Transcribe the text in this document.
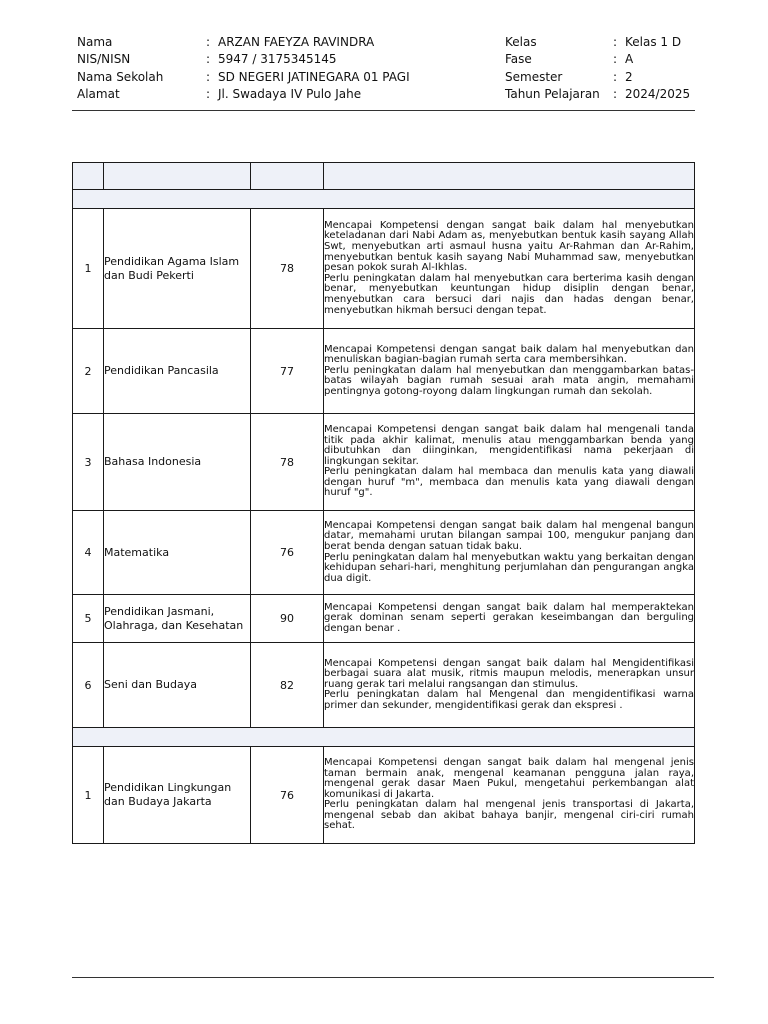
Nama	: ARZAN FAEYZA RAVINDRA
NIS/NISN	: 5947 / 3175345145
Nama Sekolah	: SD NEGERI JATINEGARA 01 PAGI
Alamat	: Jl. Swadaya IV Pulo Jahe
Kelas	: Kelas 1 D
Fase	: A
Semester	: 2
Tahun Pelajaran	: 2024/2025

1	Pendidikan Agama Islam dan Budi Pekerti	78	Mencapai Kompetensi dengan sangat baik dalam hal menyebutkan keteladanan dari Nabi Adam as, menyebutkan bentuk kasih sayang Allah Swt, menyebutkan arti asmaul husna yaitu Ar-Rahman dan Ar-Rahim, menyebutkan bentuk kasih sayang Nabi Muhammad saw, menyebutkan pesan pokok surah Al-Ikhlas.
Perlu peningkatan dalam hal menyebutkan cara berterima kasih dengan benar, menyebutkan keuntungan hidup disiplin dengan benar, menyebutkan cara bersuci dari najis dan hadas dengan benar, menyebutkan hikmah bersuci dengan tepat.

2	Pendidikan Pancasila	77	Mencapai Kompetensi dengan sangat baik dalam hal menyebutkan dan menuliskan bagian-bagian rumah serta cara membersihkan.
Perlu peningkatan dalam hal menyebutkan dan menggambarkan batas-batas wilayah bagian rumah sesuai arah mata angin, memahami pentingnya gotong-royong dalam lingkungan rumah dan sekolah.

3	Bahasa Indonesia	78	Mencapai Kompetensi dengan sangat baik dalam hal mengenali tanda titik pada akhir kalimat, menulis atau menggambarkan benda yang dibutuhkan dan diinginkan, mengidentifikasi nama pekerjaan di lingkungan sekitar.
Perlu peningkatan dalam hal membaca dan menulis kata yang diawali dengan huruf "m", membaca dan menulis kata yang diawali dengan huruf "g".

4	Matematika	76	Mencapai Kompetensi dengan sangat baik dalam hal mengenal bangun datar, memahami urutan bilangan sampai 100, mengukur panjang dan berat benda dengan satuan tidak baku.
Perlu peningkatan dalam hal menyebutkan waktu yang berkaitan dengan kehidupan sehari-hari, menghitung perjumlahan dan pengurangan angka dua digit.

5	Pendidikan Jasmani, Olahraga, dan Kesehatan	90	Mencapai Kompetensi dengan sangat baik dalam hal memperaktekan gerak dominan senam seperti gerakan keseimbangan dan berguling dengan benar .

6	Seni dan Budaya	82	Mencapai Kompetensi dengan sangat baik dalam hal Mengidentifikasi berbagai suara alat musik, ritmis maupun melodis, menerapkan unsur ruang gerak tari melalui rangsangan dan stimulus.
Perlu peningkatan dalam hal Mengenal dan mengidentifikasi warna primer dan sekunder, mengidentifikasi gerak dan ekspresi .

1	Pendidikan Lingkungan dan Budaya Jakarta	76	Mencapai Kompetensi dengan sangat baik dalam hal mengenal jenis taman bermain anak, mengenal keamanan pengguna jalan raya, mengenal gerak dasar Maen Pukul, mengetahui perkembangan alat komunikasi di Jakarta.
Perlu peningkatan dalam hal mengenal jenis transportasi di Jakarta, mengenal sebab dan akibat bahaya banjir, mengenal ciri-ciri rumah sehat.
